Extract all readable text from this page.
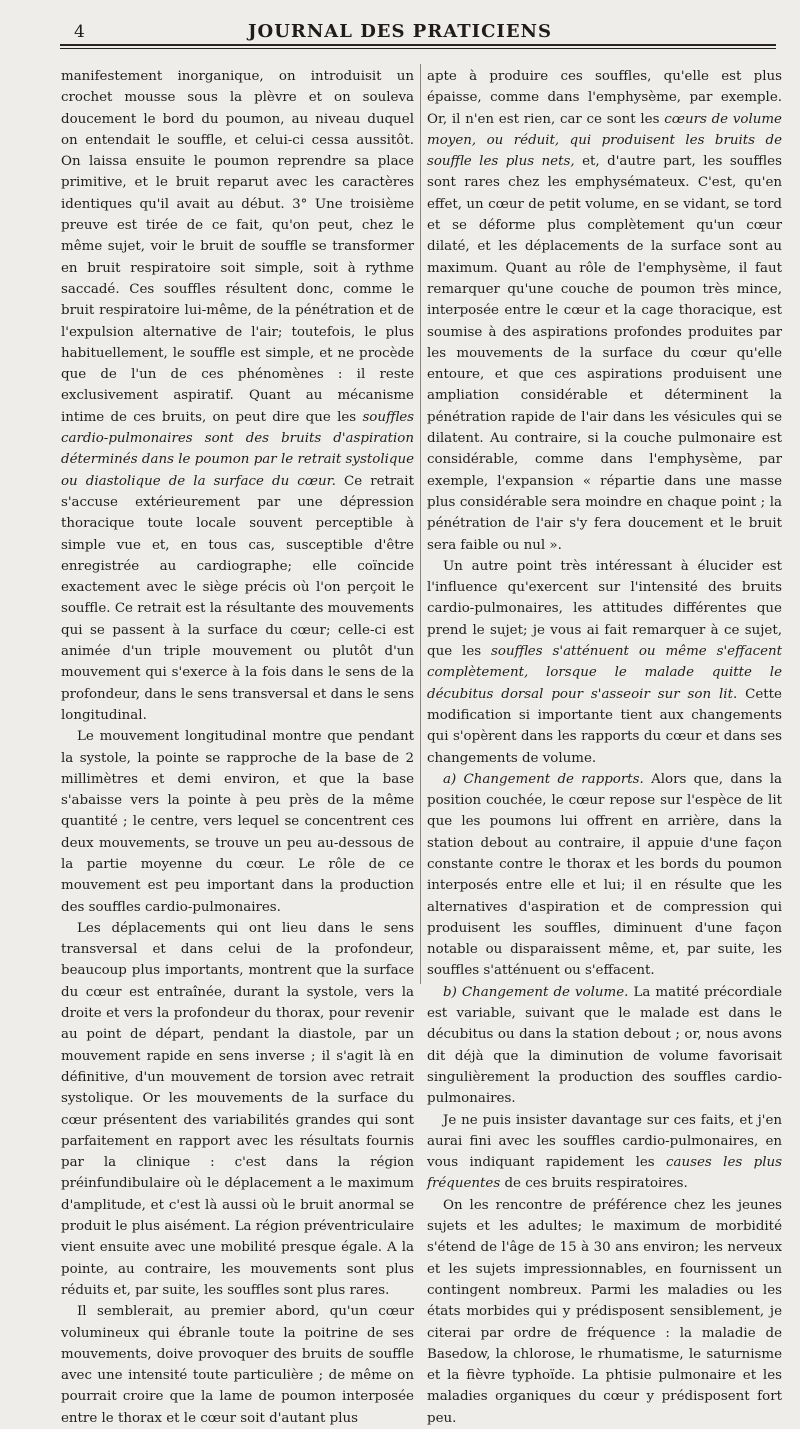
4	JOURNAL DES PRATICIENS

manifestement inorganique, on introduisit un crochet mousse sous la plèvre et on souleva doucement le bord du poumon, au niveau duquel on entendait le souffle, et celui-ci cessa aussitôt. On laissa ensuite le poumon reprendre sa place primitive, et le bruit reparut avec les caractères identiques qu'il avait au début. 3° Une troisième preuve est tirée de ce fait, qu'on peut, chez le même sujet, voir le bruit de souffle se transformer en bruit respiratoire soit simple, soit à rythme saccadé. Ces souffles résultent donc, comme le bruit respiratoire lui-même, de la pénétration et de l'expulsion alternative de l'air; toutefois, le plus habituellement, le souffle est simple, et ne procède que de l'un de ces phénomènes : il reste exclusivement aspiratif. Quant au mécanisme intime de ces bruits, on peut dire que les souffles cardio-pulmonaires sont des bruits d'aspiration déterminés dans le poumon par le retrait systolique ou diastolique de la surface du cœur. Ce retrait s'accuse extérieurement par une dépression thoracique toute locale souvent perceptible à simple vue et, en tous cas, susceptible d'être enregistrée au cardiographe; elle coïncide exactement avec le siège précis où l'on perçoit le souffle. Ce retrait est la résultante des mouvements qui se passent à la surface du cœur; celle-ci est animée d'un triple mouvement ou plutôt d'un mouvement qui s'exerce à la fois dans le sens de la profondeur, dans le sens transversal et dans le sens longitudinal.

Le mouvement longitudinal montre que pendant la systole, la pointe se rapproche de la base de 2 millimètres et demi environ, et que la base s'abaisse vers la pointe à peu près de la même quantité ; le centre, vers lequel se concentrent ces deux mouvements, se trouve un peu au-dessous de la partie moyenne du cœur. Le rôle de ce mouvement est peu important dans la production des souffles cardio-pulmonaires.

Les déplacements qui ont lieu dans le sens transversal et dans celui de la profondeur, beaucoup plus importants, montrent que la surface du cœur est entraînée, durant la systole, vers la droite et vers la profondeur du thorax, pour revenir au point de départ, pendant la diastole, par un mouvement rapide en sens inverse ; il s'agit là en définitive, d'un mouvement de torsion avec retrait systolique. Or les mouvements de la surface du cœur présentent des variabilités grandes qui sont parfaitement en rapport avec les résultats fournis par la clinique : c'est dans la région préinfundibulaire où le déplacement a le maximum d'amplitude, et c'est là aussi où le bruit anormal se produit le plus aisément. La région préventriculaire vient ensuite avec une mobilité presque égale. A la pointe, au contraire, les mouvements sont plus réduits et, par suite, les souffles sont plus rares.

Il semblerait, au premier abord, qu'un cœur volumineux qui ébranle toute la poitrine de ses mouvements, doive provoquer des bruits de souffle avec une intensité toute particulière ; de même on pourrait croire que la lame de poumon interposée entre le thorax et le cœur soit d'autant plus

apte à produire ces souffles, qu'elle est plus épaisse, comme dans l'emphysème, par exemple. Or, il n'en est rien, car ce sont les cœurs de volume moyen, ou réduit, qui produisent les bruits de souffle les plus nets, et, d'autre part, les souffles sont rares chez les emphysémateux. C'est, qu'en effet, un cœur de petit volume, en se vidant, se tord et se déforme plus complètement qu'un cœur dilaté, et les déplacements de la surface sont au maximum. Quant au rôle de l'emphysème, il faut remarquer qu'une couche de poumon très mince, interposée entre le cœur et la cage thoracique, est soumise à des aspirations profondes produites par les mouvements de la surface du cœur qu'elle entoure, et que ces aspirations produisent une ampliation considérable et déterminent la pénétration rapide de l'air dans les vésicules qui se dilatent. Au contraire, si la couche pulmonaire est considérable, comme dans l'emphysème, par exemple, l'expansion « répartie dans une masse plus considérable sera moindre en chaque point ; la pénétration de l'air s'y fera doucement et le bruit sera faible ou nul ».

Un autre point très intéressant à élucider est l'influence qu'exercent sur l'intensité des bruits cardio-pulmonaires, les attitudes différentes que prend le sujet; je vous ai fait remarquer à ce sujet, que les souffles s'atténuent ou même s'effacent complètement, lorsque le malade quitte le décubitus dorsal pour s'asseoir sur son lit. Cette modification si importante tient aux changements qui s'opèrent dans les rapports du cœur et dans ses changements de volume.

a) Changement de rapports. Alors que, dans la position couchée, le cœur repose sur l'espèce de lit que les poumons lui offrent en arrière, dans la station debout au contraire, il appuie d'une façon constante contre le thorax et les bords du poumon interposés entre elle et lui; il en résulte que les alternatives d'aspiration et de compression qui produisent les souffles, diminuent d'une façon notable ou disparaissent même, et, par suite, les souffles s'atténuent ou s'effacent.

b) Changement de volume. La matité précordiale est variable, suivant que le malade est dans le décubitus ou dans la station debout ; or, nous avons dit déjà que la diminution de volume favorisait singulièrement la production des souffles cardio-pulmonaires.

Je ne puis insister davantage sur ces faits, et j'en aurai fini avec les souffles cardio-pulmonaires, en vous indiquant rapidement les causes les plus fréquentes de ces bruits respiratoires.

On les rencontre de préférence chez les jeunes sujets et les adultes; le maximum de morbidité s'étend de l'âge de 15 à 30 ans environ; les nerveux et les sujets impressionnables, en fournissent un contingent nombreux. Parmi les maladies ou les états morbides qui y prédisposent sensiblement, je citerai par ordre de fréquence : la maladie de Basedow, la chlorose, le rhumatisme, le saturnisme et la fièvre typhoïde. La phtisie pulmonaire et les maladies organiques du cœur y prédisposent fort peu.
